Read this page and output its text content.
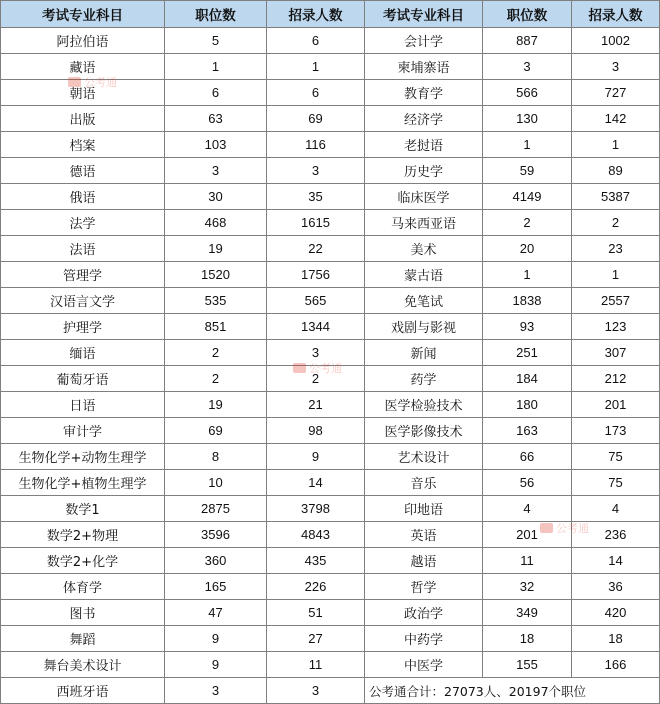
考试专业科目	职位数	招录人数	考试专业科目	职位数	招录人数
阿拉伯语	5	6	会计学	887	1002
藏语	1	1	柬埔寨语	3	3
朝语	6	6	教育学	566	727
出版	63	69	经济学	130	142
档案	103	116	老挝语	1	1
德语	3	3	历史学	59	89
俄语	30	35	临床医学	4149	5387
法学	468	1615	马来西亚语	2	2
法语	19	22	美术	20	23
管理学	1520	1756	蒙古语	1	1
汉语言文学	535	565	免笔试	1838	2557
护理学	851	1344	戏剧与影视	93	123
缅语	2	3	新闻	251	307
葡萄牙语	2	2	药学	184	212
日语	19	21	医学检验技术	180	201
审计学	69	98	医学影像技术	163	173
生物化学+动物生理学	8	9	艺术设计	66	75
生物化学+植物生理学	10	14	音乐	56	75
数学1	2875	3798	印地语	4	4
数学2+物理	3596	4843	英语	201	236
数学2+化学	360	435	越语	11	14
体育学	165	226	哲学	32	36
图书	47	51	政治学	349	420
舞蹈	9	27	中药学	18	18
舞台美术设计	9	11	中医学	155	166
西班牙语	3	3	公考通合计：27073人、20197个职位		
公考通
公考通
公考通
